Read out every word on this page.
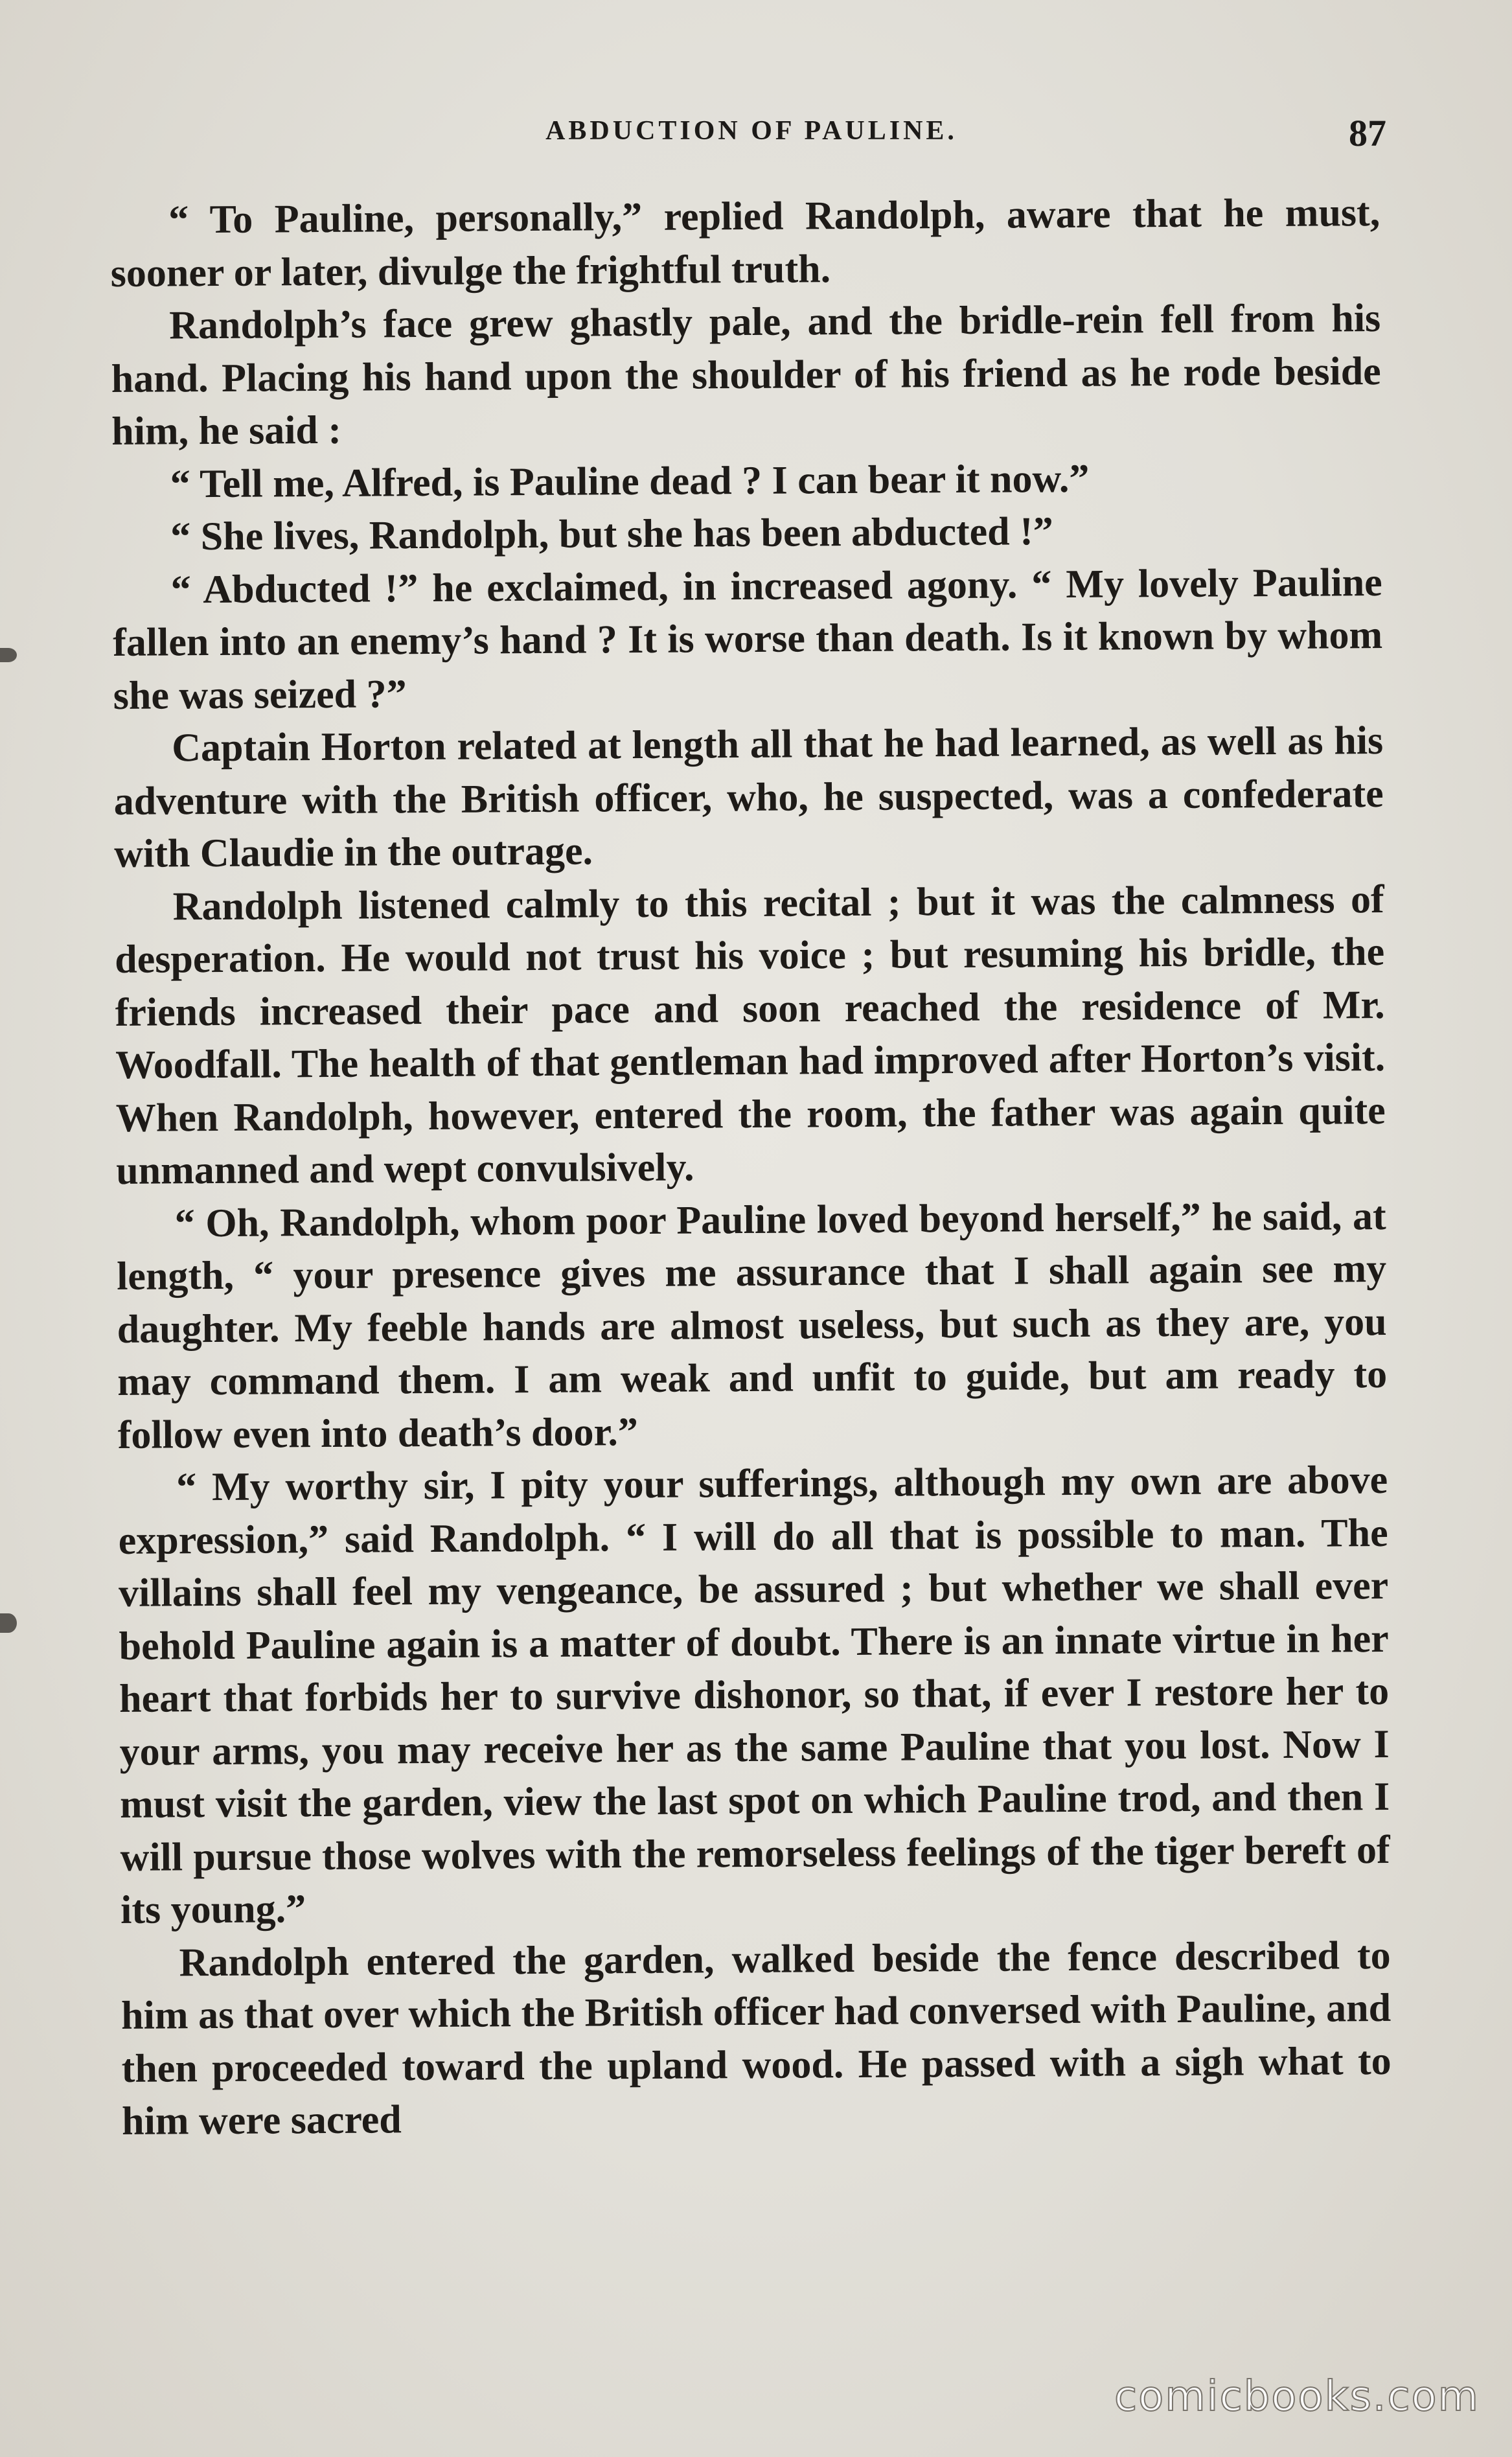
ABDUCTION OF PAULINE.	87

“ To Pauline, personally,” replied Randolph, aware that he must, sooner or later, divulge the frightful truth.

Randolph’s face grew ghastly pale, and the bridle-rein fell from his hand. Placing his hand upon the shoulder of his friend as he rode beside him, he said :

“ Tell me, Alfred, is Pauline dead ? I can bear it now.”

“ She lives, Randolph, but she has been abducted !”

“ Abducted !” he exclaimed, in increased agony. “ My lovely Pauline fallen into an enemy’s hand ? It is worse than death. Is it known by whom she was seized ?”

Captain Horton related at length all that he had learned, as well as his adventure with the British officer, who, he suspected, was a confederate with Claudie in the outrage.

Randolph listened calmly to this recital ; but it was the calmness of desperation. He would not trust his voice ; but resuming his bridle, the friends increased their pace and soon reached the residence of Mr. Woodfall. The health of that gentleman had improved after Horton’s visit. When Randolph, however, entered the room, the father was again quite unmanned and wept convulsively.

“ Oh, Randolph, whom poor Pauline loved beyond herself,” he said, at length, “ your presence gives me assurance that I shall again see my daughter. My feeble hands are almost useless, but such as they are, you may command them. I am weak and unfit to guide, but am ready to follow even into death’s door.”

“ My worthy sir, I pity your sufferings, although my own are above expression,” said Randolph. “ I will do all that is possible to man. The villains shall feel my vengeance, be assured ; but whether we shall ever behold Pauline again is a matter of doubt. There is an innate virtue in her heart that forbids her to survive dishonor, so that, if ever I restore her to your arms, you may receive her as the same Pauline that you lost. Now I must visit the garden, view the last spot on which Pauline trod, and then I will pursue those wolves with the remorseless feelings of the tiger bereft of its young.”

Randolph entered the garden, walked beside the fence described to him as that over which the British officer had conversed with Pauline, and then proceeded toward the upland wood. He passed with a sigh what to him were sacred

comicbooks.com
